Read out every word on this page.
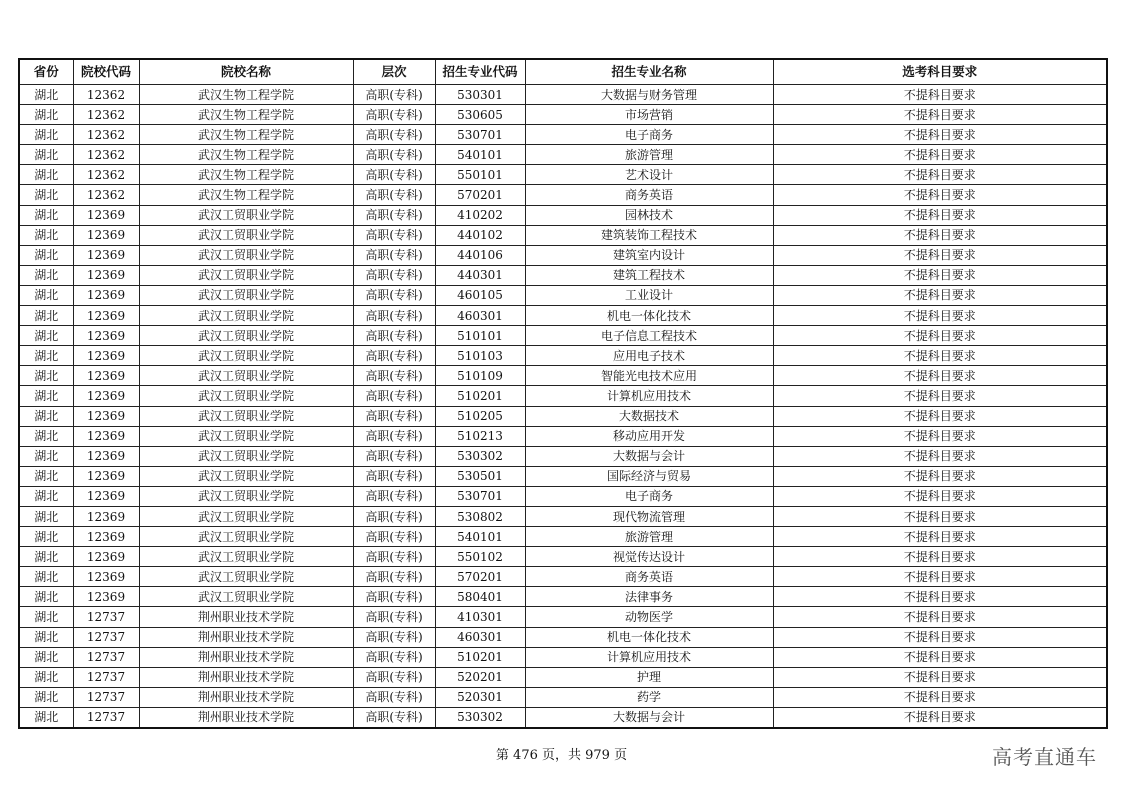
省份	院校代码	院校名称	层次	招生专业代码	招生专业名称	选考科目要求
湖北	12362	武汉生物工程学院	高职(专科)	530301	大数据与财务管理	不提科目要求
湖北	12362	武汉生物工程学院	高职(专科)	530605	市场营销	不提科目要求
湖北	12362	武汉生物工程学院	高职(专科)	530701	电子商务	不提科目要求
湖北	12362	武汉生物工程学院	高职(专科)	540101	旅游管理	不提科目要求
湖北	12362	武汉生物工程学院	高职(专科)	550101	艺术设计	不提科目要求
湖北	12362	武汉生物工程学院	高职(专科)	570201	商务英语	不提科目要求
湖北	12369	武汉工贸职业学院	高职(专科)	410202	园林技术	不提科目要求
湖北	12369	武汉工贸职业学院	高职(专科)	440102	建筑装饰工程技术	不提科目要求
湖北	12369	武汉工贸职业学院	高职(专科)	440106	建筑室内设计	不提科目要求
湖北	12369	武汉工贸职业学院	高职(专科)	440301	建筑工程技术	不提科目要求
湖北	12369	武汉工贸职业学院	高职(专科)	460105	工业设计	不提科目要求
湖北	12369	武汉工贸职业学院	高职(专科)	460301	机电一体化技术	不提科目要求
湖北	12369	武汉工贸职业学院	高职(专科)	510101	电子信息工程技术	不提科目要求
湖北	12369	武汉工贸职业学院	高职(专科)	510103	应用电子技术	不提科目要求
湖北	12369	武汉工贸职业学院	高职(专科)	510109	智能光电技术应用	不提科目要求
湖北	12369	武汉工贸职业学院	高职(专科)	510201	计算机应用技术	不提科目要求
湖北	12369	武汉工贸职业学院	高职(专科)	510205	大数据技术	不提科目要求
湖北	12369	武汉工贸职业学院	高职(专科)	510213	移动应用开发	不提科目要求
湖北	12369	武汉工贸职业学院	高职(专科)	530302	大数据与会计	不提科目要求
湖北	12369	武汉工贸职业学院	高职(专科)	530501	国际经济与贸易	不提科目要求
湖北	12369	武汉工贸职业学院	高职(专科)	530701	电子商务	不提科目要求
湖北	12369	武汉工贸职业学院	高职(专科)	530802	现代物流管理	不提科目要求
湖北	12369	武汉工贸职业学院	高职(专科)	540101	旅游管理	不提科目要求
湖北	12369	武汉工贸职业学院	高职(专科)	550102	视觉传达设计	不提科目要求
湖北	12369	武汉工贸职业学院	高职(专科)	570201	商务英语	不提科目要求
湖北	12369	武汉工贸职业学院	高职(专科)	580401	法律事务	不提科目要求
湖北	12737	荆州职业技术学院	高职(专科)	410301	动物医学	不提科目要求
湖北	12737	荆州职业技术学院	高职(专科)	460301	机电一体化技术	不提科目要求
湖北	12737	荆州职业技术学院	高职(专科)	510201	计算机应用技术	不提科目要求
湖北	12737	荆州职业技术学院	高职(专科)	520201	护理	不提科目要求
湖北	12737	荆州职业技术学院	高职(专科)	520301	药学	不提科目要求
湖北	12737	荆州职业技术学院	高职(专科)	530302	大数据与会计	不提科目要求
第 476 页，共 979 页	高考直通车
